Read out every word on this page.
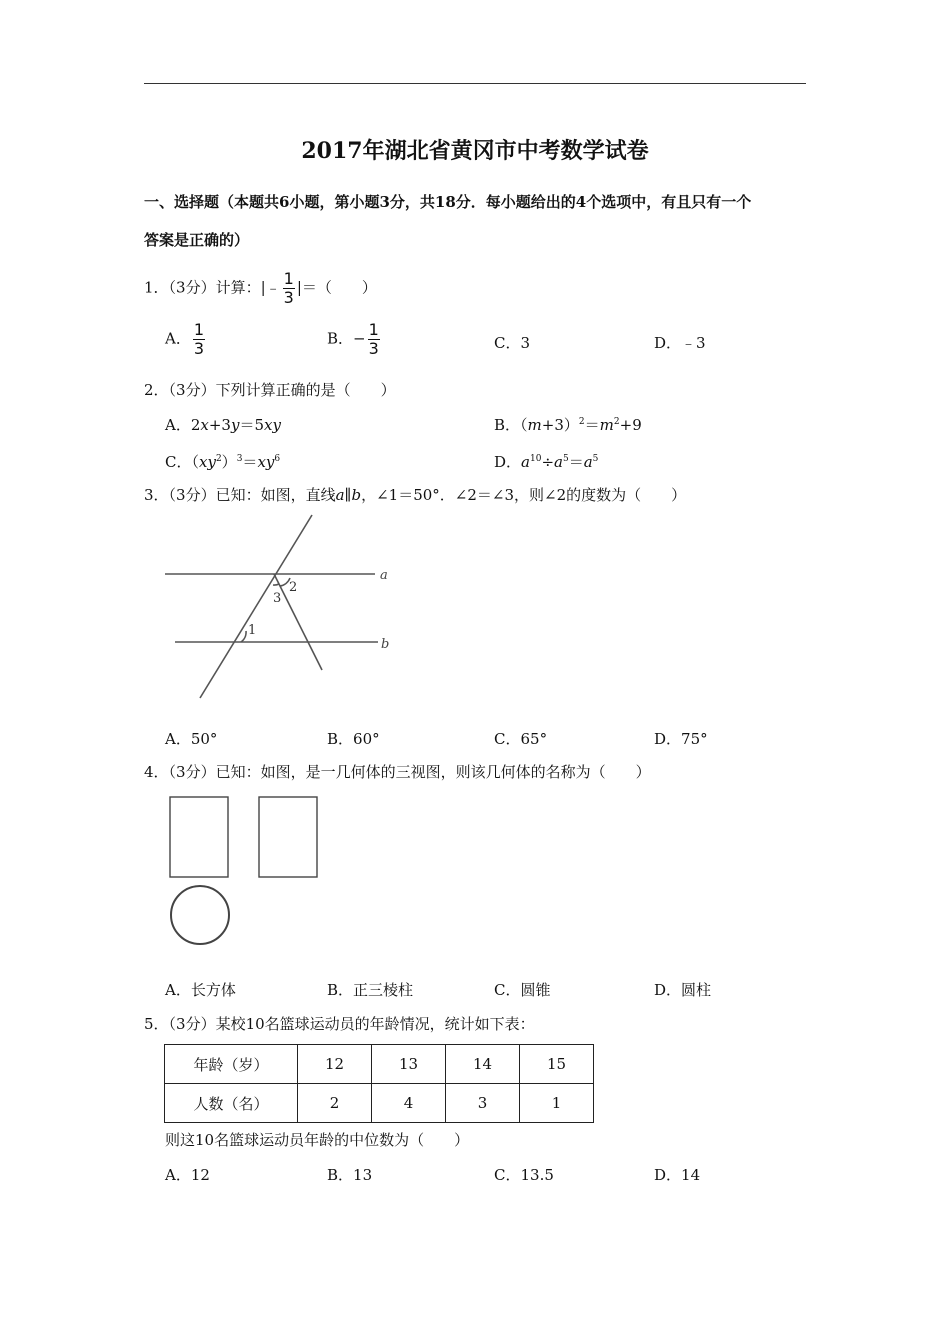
2017年湖北省黄冈市中考数学试卷
一、选择题（本题共6小题，第小题3分，共18分．每小题给出的4个选项中，有且只有一个
答案是正确的）
1．（3分）计算：|﹣ $\frac{1}{3}$ |＝（　　）
A． $\frac{1}{3}$	B．− $\frac{1}{3}$	C．3	D．﹣3
2．（3分）下列计算正确的是（　　）
A．2x+3y＝5xy	B．$(m+3)^2=m^2+9$
C．$(xy^2)^3=xy^6$	D．$a^{10}\div a^5=a^5$
3．（3分）已知：如图，直线a∥b，∠1＝50°．∠2＝∠3，则∠2的度数为（　　）
a
b
1
2
3
A．50°	B．60°	C．65°	D．75°
4．（3分）已知：如图，是一几何体的三视图，则该几何体的名称为（　　）
A．长方体	B．正三棱柱	C．圆锥	D．圆柱
5．（3分）某校10名篮球运动员的年龄情况，统计如下表：
年龄（岁）	12	13	14	15
人数（名）	2	4	3	1
则这10名篮球运动员年龄的中位数为（　　）
A．12	B．13	C．13.5	D．14
